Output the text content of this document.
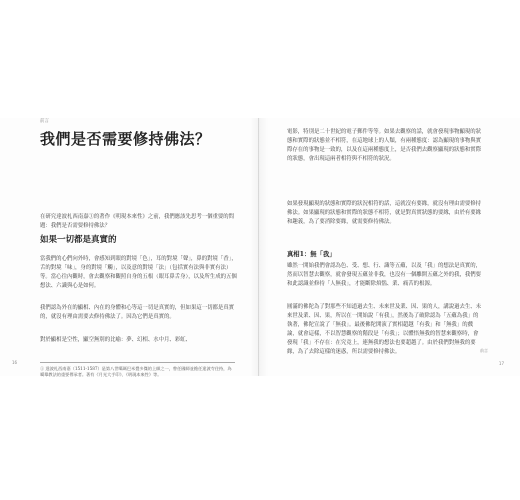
前言
我們是否需要修持佛法？
在研究達波札西南嘉①的著作《明現本來性》之前，我們應該先思考一個重要的問題：我們是否需要修持佛法？
如果一切都是真實的
當我們的心們向外時，會感知到眼的對境「色」，耳的對境「聲」，鼻的對境「香」，舌的對境「味」，身的對境「觸」，以及意的對境「法」（包括實有法與非實有法）等。當心往內觀時，會去觀察和觀照自身的五根（眼耳鼻舌身），以及所生成的五個想法、六識與心是如何。
我們認為外在的顯相、內在的身體和心等這一切是真實的，但如果這一切都是真實的，就沒有理由需要去修持佛法了。因為它們是真實的。
對於顯相是空性，顯空無別的比喻：夢、幻相、水中月、彩虹、
① 達波札西南嘉（1511-1587）是第八世噶瑪巴米覺多傑的上師之一，曾任國師並擔任達波寺住持，為噶舉教法的重要傳承者。著有《月光大手印》、《明現本來性》等。
16
電影，特別是二十世紀的電子郵件等等。如果去觀察的話，就會發現事物顯現的狀態和實際的狀態並不相符，在這地球上的人類，有兩種態度：認為顯現的事物與實際存在的事物是一致的，以及在這兩種態度上，是否我們去觀察顯現的狀態和實際的狀態，會出現這兩者相符與不相符的狀況。
如果發現顯現的狀態和實際的狀況相符的話，這就沒有要緣，就沒有理由需要修持佛法。如果顯現的狀態和實際的狀態不相符，就是對真實狀態的要緣，由於有要緣和趣義，為了要消除要緣，就需要修持佛法。
真相1：無「我」
雖然一開始我們會認為色、受、想、行、識等五蘊，以及「我」的想法是真實的，然而以智慧去觀察，就會發現五蘊並非我，也沒有一個離開五蘊之外的我，我們要和此認識並修持「人無我」，才能斷除煩惱、業、痛苦的根源。
圓滿的佛陀為了對那些不知道過去生、未來世及業、因、果的人，講說過去生、未來世及業、因、果，所以在一開始說「有我」，然後為了破除認為「五蘊為我」的執著，佛陀宣說了「無我」。最後佛陀開演了實相超越「有我」和「無我」的戲論，就會這樣，不以智慧觀察的階段是「有我」；以體悟無我的智慧來觀察時，會發現「我」不存在：在究竟上，連無我的想法也要超越了。由於我們對無我的要緣，為了去除這樣的迷惑，所以需要修持佛法。	前言
17
